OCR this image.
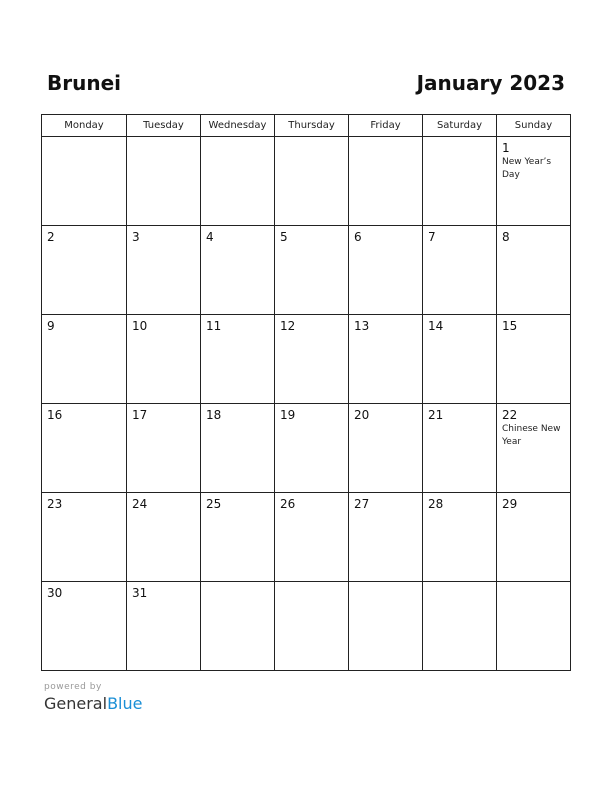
Brunei	January 2023
Monday	Tuesday	Wednesday	Thursday	Friday	Saturday	Sunday

						1
New Year’s Day

2	3	4	5	6	7	8

9	10	11	12	13	14	15

16	17	18	19	20	21	22
Chinese New Year

23	24	25	26	27	28	29

30	31					

powered by
GeneralBlue
